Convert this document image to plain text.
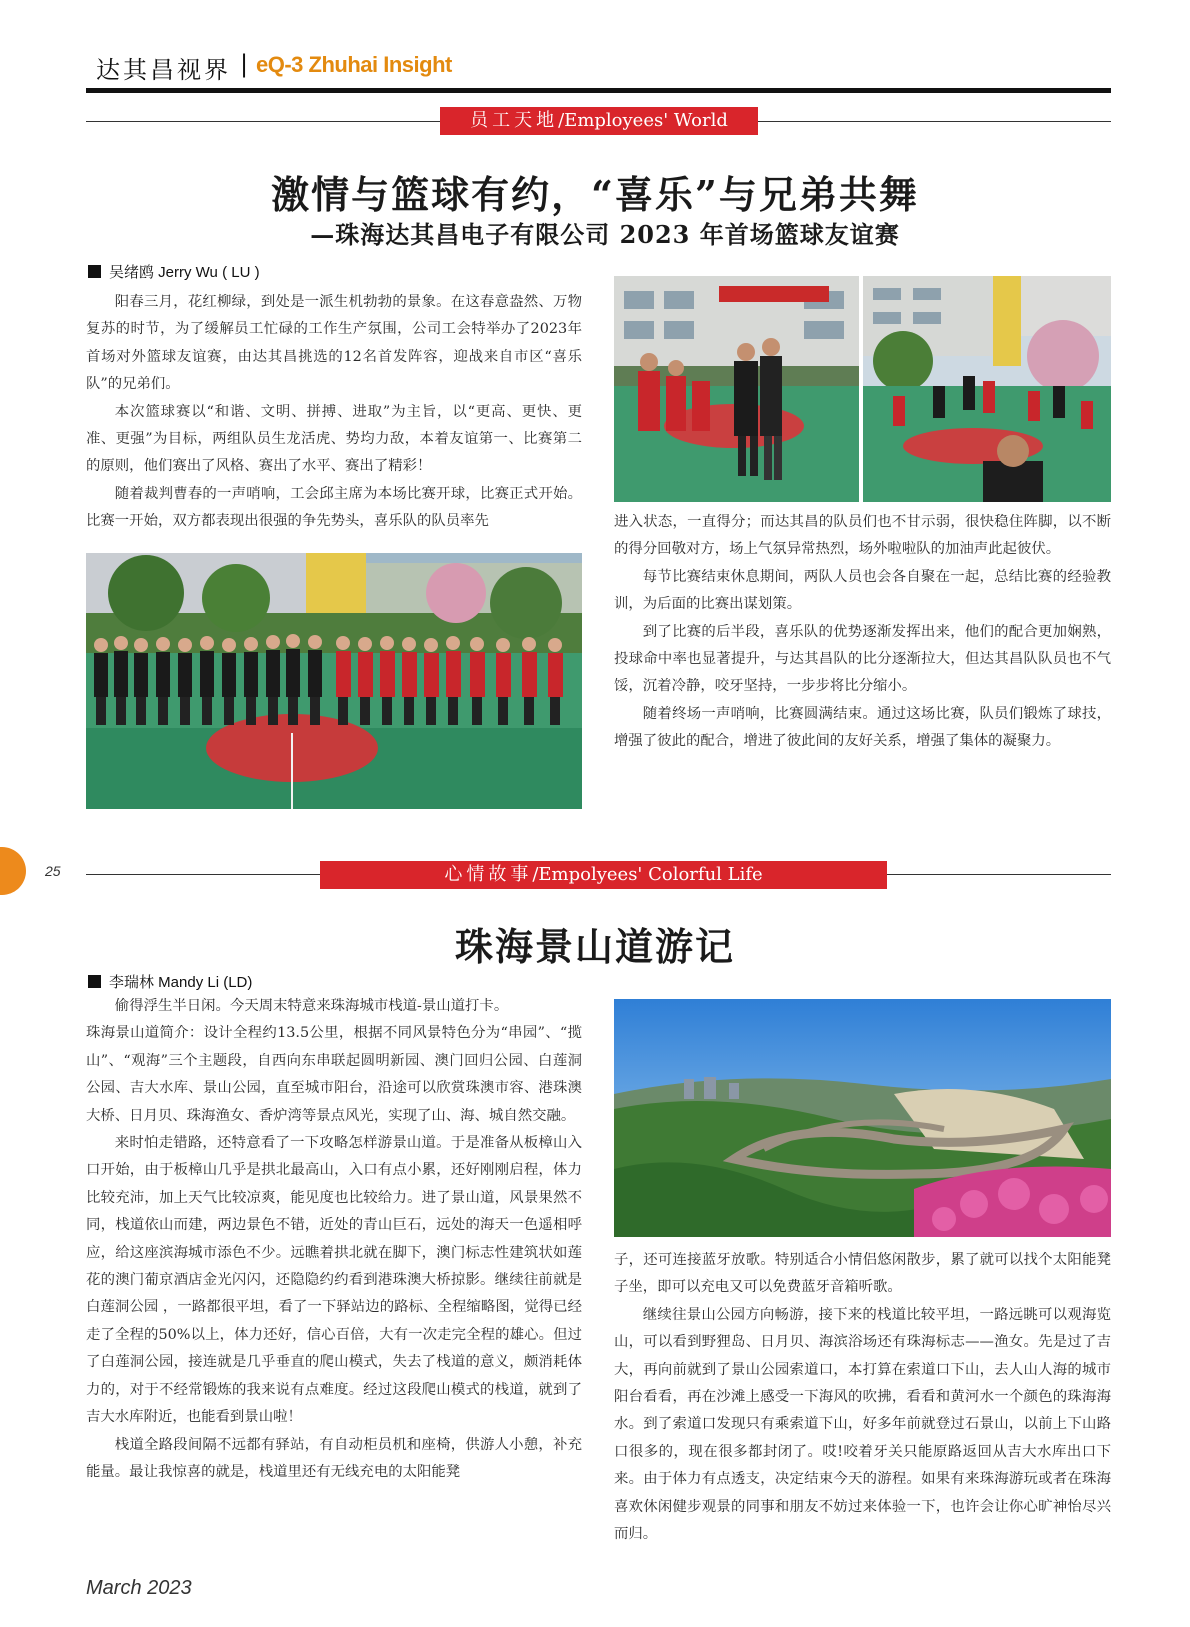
达其昌视界 | eQ-3 Zhuhai Insight
员工天地/Employees' World
激情与篮球有约，“喜乐”与兄弟共舞
—珠海达其昌电子有限公司 2023 年首场篮球友谊赛
吴绪鸥 Jerry Wu ( LU )

阳春三月，花红柳绿，到处是一派生机勃勃的景象。在这春意盎然、万物复苏的时节，为了缓解员工忙碌的工作生产氛围，公司工会特举办了2023年首场对外篮球友谊赛，由达其昌挑选的12名首发阵容，迎战来自市区“喜乐队”的兄弟们。

本次篮球赛以“和谐、文明、拼搏、进取”为主旨，以“更高、更快、更准、更强”为目标，两组队员生龙活虎、势均力敌，本着友谊第一、比赛第二的原则，他们赛出了风格、赛出了水平、赛出了精彩！

随着裁判曹春的一声哨响，工会邱主席为本场比赛开球，比赛正式开始。比赛一开始，双方都表现出很强的争先势头，喜乐队的队员率先	进入状态，一直得分；而达其昌的队员们也不甘示弱，很快稳住阵脚，以不断的得分回敬对方，场上气氛异常热烈，场外啦啦队的加油声此起彼伏。

每节比赛结束休息期间，两队人员也会各自聚在一起，总结比赛的经验教训，为后面的比赛出谋划策。

到了比赛的后半段，喜乐队的优势逐渐发挥出来，他们的配合更加娴熟，投球命中率也显著提升，与达其昌队的比分逐渐拉大，但达其昌队队员也不气馁，沉着冷静，咬牙坚持，一步步将比分缩小。

随着终场一声哨响，比赛圆满结束。通过这场比赛，队员们锻炼了球技，增强了彼此的配合，增进了彼此间的友好关系，增强了集体的凝聚力。

25	心情故事/Empolyees' Colorful Life
珠海景山道游记
李瑞林 Mandy Li (LD)

偷得浮生半日闲。今天周末特意来珠海城市栈道-景山道打卡。

珠海景山道简介：设计全程约13.5公里，根据不同风景特色分为“串园”、“揽山”、“观海”三个主题段，自西向东串联起圆明新园、澳门回归公园、白莲洞公园、吉大水库、景山公园，直至城市阳台，沿途可以欣赏珠澳市容、港珠澳大桥、日月贝、珠海渔女、香炉湾等景点风光，实现了山、海、城自然交融。

来时怕走错路，还特意看了一下攻略怎样游景山道。于是准备从板樟山入口开始，由于板樟山几乎是拱北最高山，入口有点小累，还好刚刚启程，体力比较充沛，加上天气比较凉爽，能见度也比较给力。进了景山道，风景果然不同，栈道依山而建，两边景色不错，近处的青山巨石，远处的海天一色遥相呼应，给这座滨海城市添色不少。远瞧着拱北就在脚下，澳门标志性建筑状如莲花的澳门葡京酒店金光闪闪，还隐隐约约看到港珠澳大桥掠影。继续往前就是白莲洞公园 ，一路都很平坦，看了一下驿站边的路标、全程缩略图，觉得已经走了全程的50%以上，体力还好，信心百倍，大有一次走完全程的雄心。但过了白莲洞公园，接连就是几乎垂直的爬山模式，失去了栈道的意义，颇消耗体力的，对于不经常锻炼的我来说有点难度。经过这段爬山模式的栈道，就到了吉大水库附近，也能看到景山啦！

栈道全路段间隔不远都有驿站，有自动柜员机和座椅，供游人小憩，补充能量。最让我惊喜的就是，栈道里还有无线充电的太阳能凳

子，还可连接蓝牙放歌。特别适合小情侣悠闲散步，累了就可以找个太阳能凳子坐，即可以充电又可以免费蓝牙音箱听歌。

继续往景山公园方向畅游，接下来的栈道比较平坦，一路远眺可以观海览山，可以看到野狸岛、日月贝、海滨浴场还有珠海标志——渔女。先是过了吉大，再向前就到了景山公园索道口，本打算在索道口下山，去人山人海的城市阳台看看，再在沙滩上感受一下海风的吹拂，看看和黄河水一个颜色的珠海海水。到了索道口发现只有乘索道下山，好多年前就登过石景山，以前上下山路口很多的，现在很多都封闭了。哎!咬着牙关只能原路返回从吉大水库出口下来。由于体力有点透支，决定结束今天的游程。如果有来珠海游玩或者在珠海喜欢休闲健步观景的同事和朋友不妨过来体验一下，也许会让你心旷神怡尽兴而归。

March 2023
